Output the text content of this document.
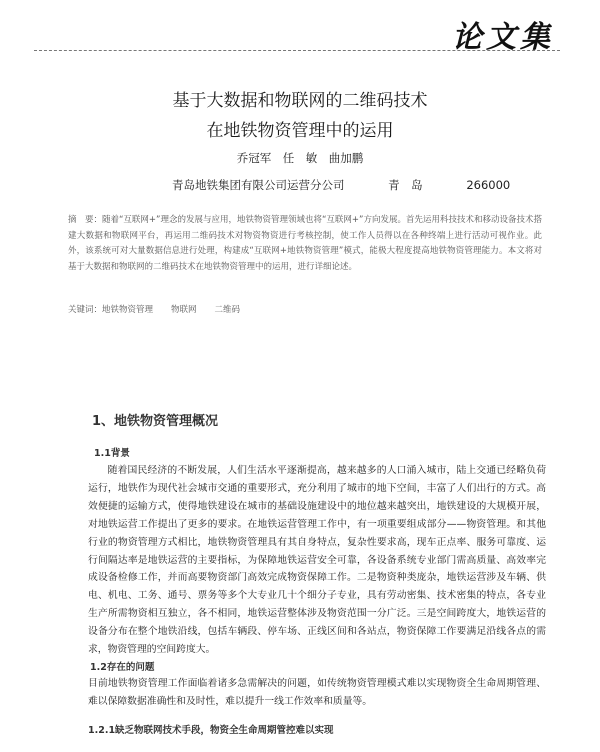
论文集
基于大数据和物联网的二维码技术
在地铁物资管理中的运用
乔冠军　任　敏　曲加鹏
青岛地铁集团有限公司运营分公司	青　岛	266000

摘　要：随着“互联网+”理念的发展与应用，地铁物资管理领域也将“互联网+”方向发展。首先运用科技技术和移动设备技术搭建大数据和物联网平台，再运用二维码技术对物资物资进行考核控制，使工作人员得以在各种终端上进行活动可视作业。此外，该系统可对大量数据信息进行处理，构建成“互联网+地铁物资管理”模式，能极大程度提高地铁物资管理能力。本文将对基于大数据和物联网的二维码技术在地铁物资管理中的运用，进行详细论述。

关键词：地铁物资管理 物联网 二维码

1、地铁物资管理概况
1.1背景

随着国民经济的不断发展，人们生活水平逐渐提高，越来越多的人口涌入城市，陆上交通已经略负荷运行，地铁作为现代社会城市交通的重要形式，充分利用了城市的地下空间，丰富了人们出行的方式。高效便捷的运输方式，使得地铁建设在城市的基础设施建设中的地位越来越突出，地铁建设的大规模开展，对地铁运营工作提出了更多的要求。在地铁运营管理工作中，有一项重要组成部分——物资管理。和其他行业的物资管理方式相比，地铁物资管理具有其自身特点，复杂性要求高，现车正点率、服务可靠度、运行间隔达率是地铁运营的主要指标，为保障地铁运营安全可靠，各设备系统专业部门需高质量、高效率完成设备检修工作，并而高要物资部门高效完成物资保障工作。二是物资种类庞杂，地铁运营涉及车辆、供电、机电、工务、通号、票务等多个大专业几十个细分子专业，具有劳动密集、技术密集的特点，各专业生产所需物资相互独立，各不相同，地铁运营整体涉及物资范围一分广泛。三是空间跨度大，地铁运营的设备分布在整个地铁沿线，包括车辆段、停车场、正线区间和各站点，物资保障工作要满足沿线各点的需求，物资管理的空间跨度大。

1.2存在的问题

目前地铁物资管理工作面临着诸多急需解决的问题，如传统物资管理模式难以实现物资全生命周期管理、难以保障数据准确性和及时性，难以提升一线工作效率和质量等。

1.2.1缺乏物联网技术手段，物资全生命周期管控难以实现
